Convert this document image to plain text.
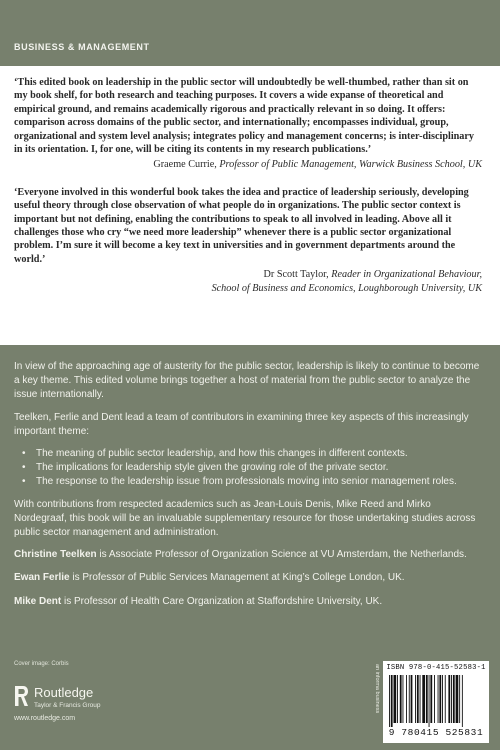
BUSINESS & MANAGEMENT
‘This edited book on leadership in the public sector will undoubtedly be well-thumbed, rather than sit on my book shelf, for both research and teaching purposes. It covers a wide expanse of theoretical and empirical ground, and remains academically rigorous and practically relevant in so doing. It offers: comparison across domains of the public sector, and internationally; encompasses individual, group, organizational and system level analysis; integrates policy and management concerns; is inter-disciplinary in its orientation. I, for one, will be citing its contents in my research publications.’
Graeme Currie, Professor of Public Management, Warwick Business School, UK
‘Everyone involved in this wonderful book takes the idea and practice of leadership seriously, developing useful theory through close observation of what people do in organizations. The public sector context is important but not defining, enabling the contributions to speak to all involved in leading. Above all it challenges those who cry “we need more leadership” whenever there is a public sector organizational problem. I’m sure it will become a key text in universities and in government departments around the world.’
Dr Scott Taylor, Reader in Organizational Behaviour,
School of Business and Economics, Loughborough University, UK

In view of the approaching age of austerity for the public sector, leadership is likely to continue to become a key theme. This edited volume brings together a host of material from the public sector to analyze the issue internationally.

Teelken, Ferlie and Dent lead a team of contributors in examining three key aspects of this increasingly important theme:

• The meaning of public sector leadership, and how this changes in different contexts.
• The implications for leadership style given the growing role of the private sector.
• The response to the leadership issue from professionals moving into senior management roles.

With contributions from respected academics such as Jean-Louis Denis, Mike Reed and Mirko Nordegraaf, this book will be an invaluable supplementary resource for those undertaking studies across public sector management and administration.

Christine Teelken is Associate Professor of Organization Science at VU Amsterdam, the Netherlands.
Ewan Ferlie is Professor of Public Services Management at King’s College London, UK.
Mike Dent is Professor of Health Care Organization at Staffordshire University, UK.
Cover image: Corbis
Routledge
Taylor & Francis Group
www.routledge.com
an informa business ISBN 978-0-415-52583-1
9 780415 525831
